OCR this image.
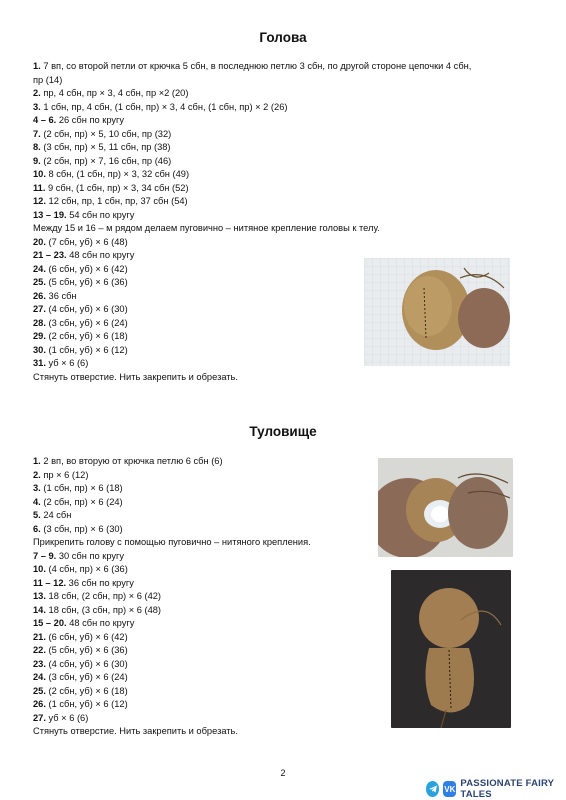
Голова
1. 7 вп, со второй петли от крючка 5 сбн, в последнюю петлю 3 сбн, по другой стороне цепочки 4 сбн,
пр (14)
2. пр, 4 сбн, пр × 3, 4 сбн, пр ×2 (20)
3. 1 сбн, пр, 4 сбн, (1 сбн, пр) × 3, 4 сбн, (1 сбн, пр) × 2 (26)
4 – 6. 26 сбн по кругу
7. (2 сбн, пр) × 5, 10 сбн, пр (32)
8. (3 сбн, пр) × 5, 11 сбн, пр (38)
9. (2 сбн, пр) × 7, 16 сбн, пр (46)
10. 8 сбн, (1 сбн, пр) × 3, 32 сбн (49)
11. 9 сбн, (1 сбн, пр) × 3, 34 сбн (52)
12. 12 сбн, пр, 1 сбн, пр, 37 сбн (54)
13 – 19. 54 сбн по кругу
Между 15 и 16 – м рядом делаем пуговично – нитяное крепление головы к телу.
20. (7 сбн, уб) × 6 (48)
21 – 23. 48 сбн по кругу
24. (6 сбн, уб) × 6 (42)
25. (5 сбн, уб) × 6 (36)
26. 36 сбн
27. (4 сбн, уб) × 6 (30)
28. (3 сбн, уб) × 6 (24)
29. (2 сбн, уб) × 6 (18)
30. (1 сбн, уб) × 6 (12)
31. уб × 6 (6)
Стянуть отверстие. Нить закрепить и обрезать.
Туловище
1. 2 вп, во вторую от крючка петлю 6 сбн (6)
2. пр × 6 (12)
3. (1 сбн, пр) × 6 (18)
4. (2 сбн, пр) × 6 (24)
5. 24 сбн
6. (3 сбн, пр) × 6 (30)
Прикрепить голову с помощью пуговично – нитяного крепления.
7 – 9. 30 сбн по кругу
10. (4 сбн, пр) × 6 (36)
11 – 12. 36 сбн по кругу
13. 18 сбн, (2 сбн, пр) × 6 (42)
14. 18 сбн, (3 сбн, пр) × 6 (48)
15 – 20. 48 сбн по кругу
21. (6 сбн, уб) × 6 (42)
22. (5 сбн, уб) × 6 (36)
23. (4 сбн, уб) × 6 (30)
24. (3 сбн, уб) × 6 (24)
25. (2 сбн, уб) × 6 (18)
26. (1 сбн, уб) × 6 (12)
27. уб × 6 (6)
Стянуть отверстие. Нить закрепить и обрезать.
2
VK PASSIONATE FAIRY TALES
